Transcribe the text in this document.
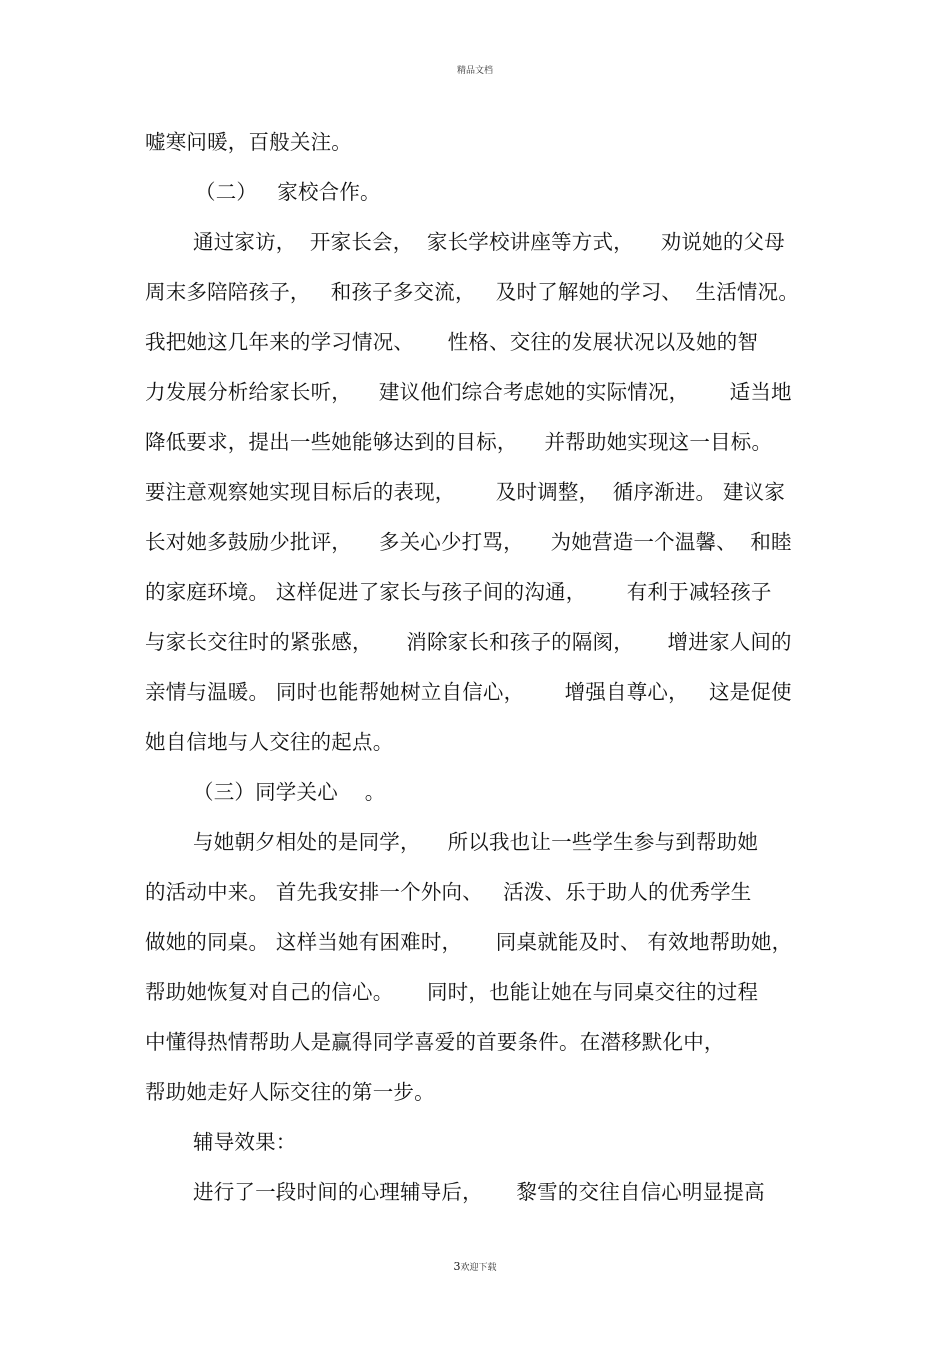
精品文档
嘘寒问暖，百般关注。
（二）   家校合作。
通过家访，  开家长会，  家长学校讲座等方式，    劝说她的父母
周末多陪陪孩子，   和孩子多交流，   及时了解她的学习、  生活情况。
我把她这几年来的学习情况、     性格、交往的发展状况以及她的智
力发展分析给家长听，    建议他们综合考虑她的实际情况，      适当地
降低要求，提出一些她能够达到的目标，    并帮助她实现这一目标。
要注意观察她实现目标后的表现，      及时调整，  循序渐进。 建议家
长对她多鼓励少批评，    多关心少打骂，    为她营造一个温馨、  和睦
的家庭环境。 这样促进了家长与孩子间的沟通，      有利于减轻孩子
与家长交往时的紧张感，     消除家长和孩子的隔阂，     增进家人间的
亲情与温暖。 同时也能帮她树立自信心，      增强自尊心，   这是促使
她自信地与人交往的起点。
（三）同学关心    。
与她朝夕相处的是同学，    所以我也让一些学生参与到帮助她
的活动中来。 首先我安排一个外向、   活泼、乐于助人的优秀学生
做她的同桌。 这样当她有困难时，     同桌就能及时、 有效地帮助她，
帮助她恢复对自己的信心。     同时，也能让她在与同桌交往的过程
中懂得热情帮助人是赢得同学喜爱的首要条件。在潜移默化中，
帮助她走好人际交往的第一步。
辅导效果：
进行了一段时间的心理辅导后，     黎雪的交往自信心明显提高
3欢迎下载
